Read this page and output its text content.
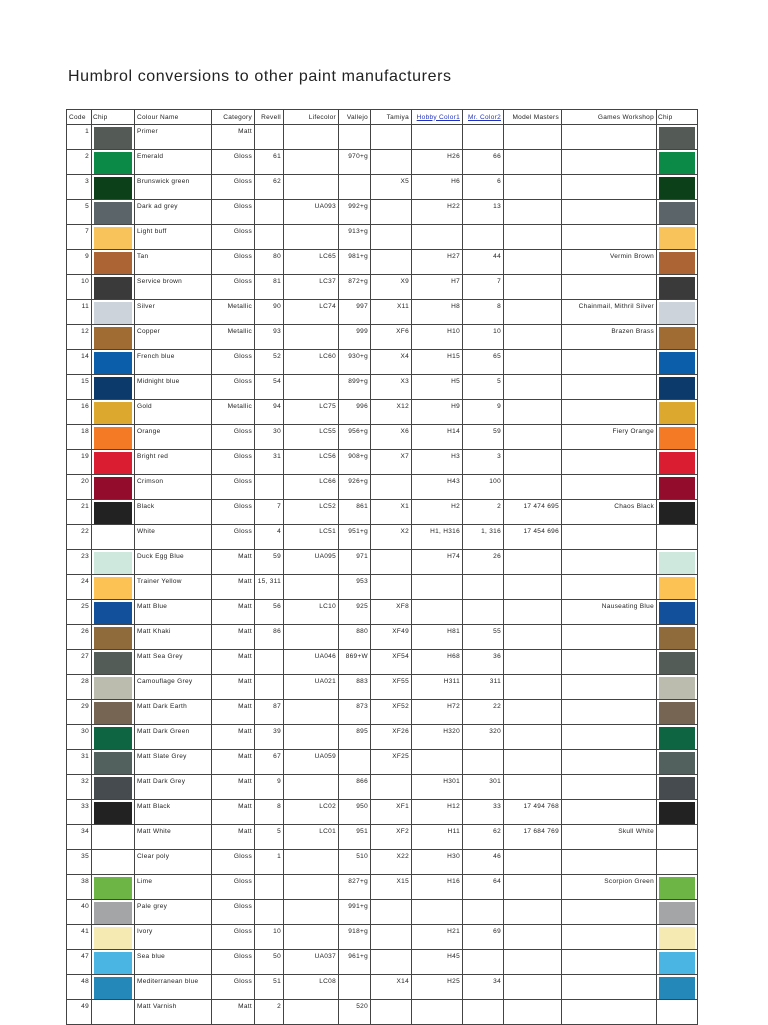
Humbrol conversions to other paint manufacturers
Code	Chip	Colour Name	Category	Revell	Lifecolor	Vallejo	Tamiya	Hobby Color1	Mr. Color2	Model Masters	Games Workshop	Chip
1		Primer	Matt									

2		Emerald	Gloss	61		970+g		H26	66			

3		Brunswick green	Gloss	62			X5	H6	6			

5		Dark ad grey	Gloss		UA093	992+g		H22	13			

7		Light buff	Gloss			913+g						

9		Tan	Gloss	80	LC65	981+g		H27	44		Vermin Brown	

10		Service brown	Gloss	81	LC37	872+g	X9	H7	7			

11		Silver	Metallic	90	LC74	997	X11	H8	8		Chainmail, Mithril Silver	

12		Copper	Metallic	93		999	XF6	H10	10		Brazen Brass	

14		French blue	Gloss	52	LC60	930+g	X4	H15	65			

15		Midnight blue	Gloss	54		899+g	X3	H5	5			

16		Gold	Metallic	94	LC75	996	X12	H9	9			

18		Orange	Gloss	30	LC55	956+g	X6	H14	59		Fiery Orange	

19		Bright red	Gloss	31	LC56	908+g	X7	H3	3			

20		Crimson	Gloss		LC66	926+g		H43	100			

21		Black	Gloss	7	LC52	861	X1	H2	2	17 474 695	Chaos Black	

22		White	Gloss	4	LC51	951+g	X2	H1, H316	1, 316	17 454 696		

23		Duck Egg Blue	Matt	59	UA095	971		H74	26			

24		Trainer Yellow	Matt	15, 311		953						

25		Matt Blue	Matt	56	LC10	925	XF8				Nauseating Blue	

26		Matt Khaki	Matt	86		880	XF49	H81	55			

27		Matt Sea Grey	Matt		UA046	869+W	XF54	H68	36			

28		Camouflage Grey	Matt		UA021	883	XF55	H311	311			

29		Matt Dark Earth	Matt	87		873	XF52	H72	22			

30		Matt Dark Green	Matt	39		895	XF26	H320	320			

31		Matt Slate Grey	Matt	67	UA059		XF25					

32		Matt Dark Grey	Matt	9		866		H301	301			

33		Matt Black	Matt	8	LC02	950	XF1	H12	33	17 494 768		

34		Matt White	Matt	5	LC01	951	XF2	H11	62	17 684 769	Skull White	

35		Clear poly	Gloss	1		510	X22	H30	46			

38		Lime	Gloss			827+g	X15	H16	64		Scorpion Green	

40		Pale grey	Gloss			991+g						

41		Ivory	Gloss	10		918+g		H21	69			

47		Sea blue	Gloss	50	UA037	961+g		H45				

48		Mediterranean blue	Gloss	51	LC08		X14	H25	34			

49		Matt Varnish	Matt	2		520						
